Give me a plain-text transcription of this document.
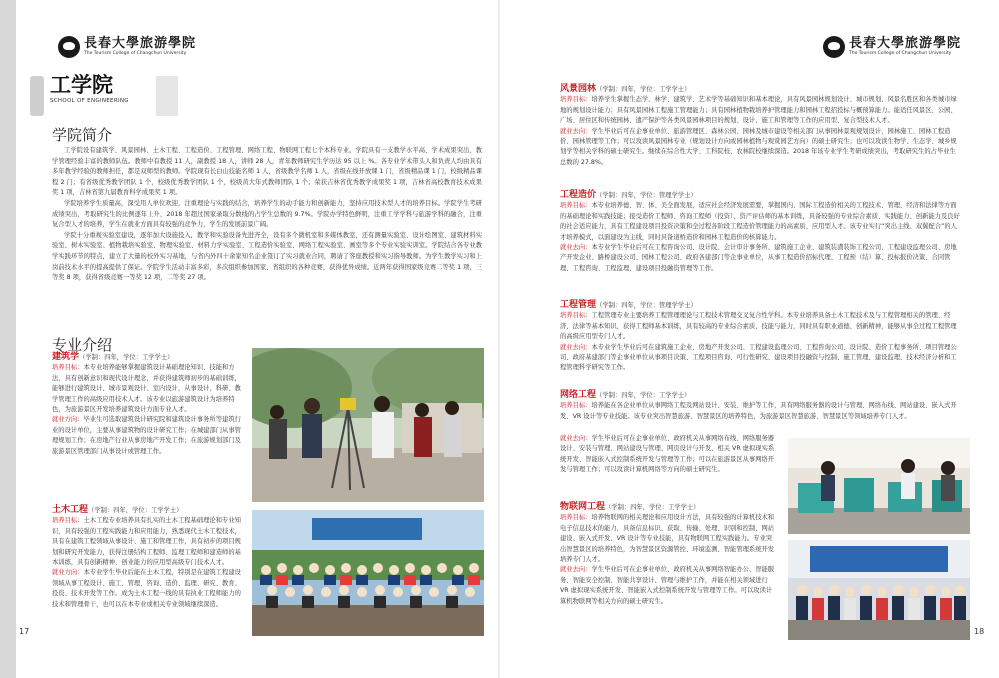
長春大學旅游學院
The Tourism College of Changchun University
工学院
SCHOOL OF ENGINEERING
学院简介

工学院设有建筑学、风景园林、土木工程、工程造价、工程管理、网络工程、物联网工程七个本科专业。学院具有一支教学水平高、学术成果突出、教学管理经验丰富的教师队伍。教师中有教授 11 人，副教授 18 人，讲师 28 人，青年教师研究生学历达 95 以上 %。各专业学术带头人和负责人均由具有多年教学经验的教师担任，都是双师型的教师。学院现有长白山技能名师 1 人，省级教学名师 1 人，省级在线开放课 1 门，省级精品课 1 门，校级精品课程 2 门；有省级优秀教学团队 1 个，校级优秀教学团队 1 个，校级黄大年式教师团队 1 个；荣获吉林省优秀教学成果奖 1 项，吉林省高校教育技术成果奖 1 项，吉林省第九届教育科学成果奖 1 项。

学院培养学生质量高，深受用人单位欢迎，注重理论与实践的结合，培养学生的动手能力和创新能力，坚持应用技术型人才的培养目标。学院学生考研成绩突出，考取研究生的比例逐年上升，2018 年超过国家录取分数线的占学生总数的 9.7%。学院办学特色鲜明，注重工学学科与旅游学科的融合，注重复合型人才的培养，学生在就业方面具有较强的竞争力，学生的发展前景广阔。

学院十分重视实验室建设，逐年加大设施投入，教学和实验设备先进齐全，设有多个微机室和多媒体教室，还有测量实验室、设计绘图室、建筑材料实验室、树木实验室、植物栽培实验室、物理实验室、材料力学实验室、工程造价实验室、网络工程实验室、画室等多个专业实验实训室。学院结合各专业教学实践环节的特点，建立了大量的校外实习基地，与省内外四十余家知名企业签订了实习就业合同，聘请了客座教授和实习指导教师。为学生教学实习和上岗前技术水平的提高提供了保证。学院学生活动丰富多彩，多次组织参加国家、省组织的各种竞赛，获得优异成绩。近两年获得国家级竞赛二等奖 1 项，三等奖 8 项，获得省级竞赛一等奖 12 项，二等奖 27 项。

专业介绍
建筑学（学制：四年，学位：工学学士）
培养目标：本专业培养能够掌握建筑设计基础理论知识、技能和方法，具有创新意识和现代设计理念，并获得建筑师初步的基础训练，能够进行建筑设计、城市景观设计、室内设计，从事设计、科研、教学管理工作的高级应用技术人才。该专业以旅游建筑设计为培养特色，为旅游景区开发培养建筑设计方面专业人才。
就业方向：毕业生可选取建筑设计研究院和建筑设计事务所等建筑行业的设计单位，主要从事建筑物的设计研究工作；在城建部门从事管理规划工作；在房地产行业从事房地产开发工作；在旅游规划部门及旅游景区管理部门从事设计或管理工作。
土木工程（学制：四年，学位：工学学士）
培养目标：土木工程专业培养具有扎实的土木工程基础理论和专业知识，具有较强的工程实践能力和应用能力，熟悉现代土木工程技术，具有在建筑工程领域从事设计、施工和管理工作，具有初步的项目规划和研究开发能力，获得注册结构工程师、监理工程师和建造师的基本训练，具有创新精神、创业能力的应用型高级专门技术人才。
就业方向：本专业学生毕业后能在土木工程，特别是在建筑工程建设领域从事工程设计、施工、管理、咨询、造价、监理、研究、教育、投资、技术开发等工作。成为土木工程一线的具有执业工程师能力的技术和管理骨干，也可以在本专业或相关专业领域继续深造。
17
長春大學旅游學院
The Tourism College of Changchun University
风景园林（学制：四年，学位：工学学士）
培养目标：培养学生掌握生态学、林学、建筑学、艺术学等基础知识和基本理论，具有风景园林规划设计、城市规划、风景名胜区和各类城市绿地的规划设计能力；具有风景园林工程施工管理能力；具有园林植物栽培养护管理能力和园林工程招投标与概预算能力。能适任风景区、公园、广场、居住区和传统园林、遗产保护等各类风景园林项目的规划、设计、施工和管理等工作的应用型、复合型技术人才。
就业去向：学生毕业后可在企事业单位、旅游管理区、森林公园、园林及城市建设等相关部门从事园林景观规划设计、园林施工、园林工程造价、园林管理等工作；可以攻读风景园林专业（规划设计方向或园林植物与观赏园艺方向）的硕士研究生；也可以攻读生物学、生态学、城乡规划学等相关学科的硕士研究生。继续在综合性大学、工科院校、农林院校继续深造。2018 年该专业学生考研成绩突出，考取研究生的占毕业生总数的 27.8%。
工程造价（学制：四年，学位：管理学学士）
培养目标：本专业培养德、智、体、美全面发展，适应社会经济发展需要，掌握国内、国际工程造价相关的工程技术、管理、经济和法律等方面的基础理论和实践技能；接受造价工程师、咨询工程师（投资）、资产评估师的基本训练，具备较强的专业综合素质、实践能力、创新能力及良好的社会适应能力，具有工程建设项目投资决策和全过程各阶段工程造价管理能力的高素质、应用型人才。该专业实行“突出主线、双翼配合”的人才培养模式，以面建设为主线，同时具备道桥造价和园林工程造价的核算能力。
就业去向：本专业学生毕业后可在工程咨询公司、设计院、会计审计事务所、建筑施工企业、建筑装潢装饰工程公司、工程建设监理公司、房地产开发企业、路桥建设公司、园林工程公司、政府各建部门等企事业单位，从事工程造价招标代理、工程预（结）算、投标报价决策、合同管理、工程咨询、工程监理、建设项目投融资管理等工作。
工程管理（学制：四年，学位：管理学学士）
培养目标：工程管理专业主要培养工程管理理论与工程技术管理交叉复合性学科。本专业培养具备土木工程技术及与工程管理相关的管理、经济、法律等基本知识，获得工程师基本训练，具有较高的专业综合素质、技能与能力，同时具有职业道德、创新精神，能够从事全过程工程管理的高级应用型专门人才。
就业去向：本专业学生毕业后可在建筑施工企业、房地产开发公司、工程建设监理公司、工程咨询公司、设计院、造价工程事务所、项目管理公司、政府基建部门等企事业单位从事项目决策、工程项目咨询、可行性研究、建设项目投融资与控制、施工管理、建设监理、技术经济分析和工程管理科学研究等工作。
网络工程（学制：四年，学位：工学学士）
培养目标：培养能在各企业单位从事网络工程及网站设计、安装、维护等工作，具有网络服务器的设计与管理、网络布线、网站建设、嵌入式开发、VR 设计等专业技能。该专业突出智慧旅游、智慧景区的培养特色，为旅游景区智慧旅游、智慧景区等领域培养专门人才。
就业去向：学生毕业后可在企事业单位、政府机关从事网络布线、网络服务器设计、安装与管理、网站建设与管理、网页设计与开发、相关 VR 虚拟现实系统开发、智能嵌入式控制系统开发与管理等工作；可以在旅游景区从事网络开发与管理工作；可以攻读计算机网络等方向的硕士研究生。
物联网工程（学制：四年，学位：工学学士）
培养目标：培养物联网的相关理论和应用设计方法，具有较强的计算机技术和电子信息技术的能力，具备信息标识、获取、传输、处理、识别和控制、网站建设、嵌入式开发、VR 设计等专业技能，具有物联网工程实践能力。专业突出智慧景区的培养特色，为智慧景区资源管控、环境监测、智能管理系统开发培养专门人才。
就业去向：学生毕业后可在企事业单位、政府机关从事网络智能办公、智能服务、智能安全控制、智能共享设计、管理与维护工作，并能在相关领域进行 VR 虚拟现实系统开发、智能嵌入式控制系统开发与管理等工作。可以攻读计算机物联网等相关方向的硕士研究生。
18
